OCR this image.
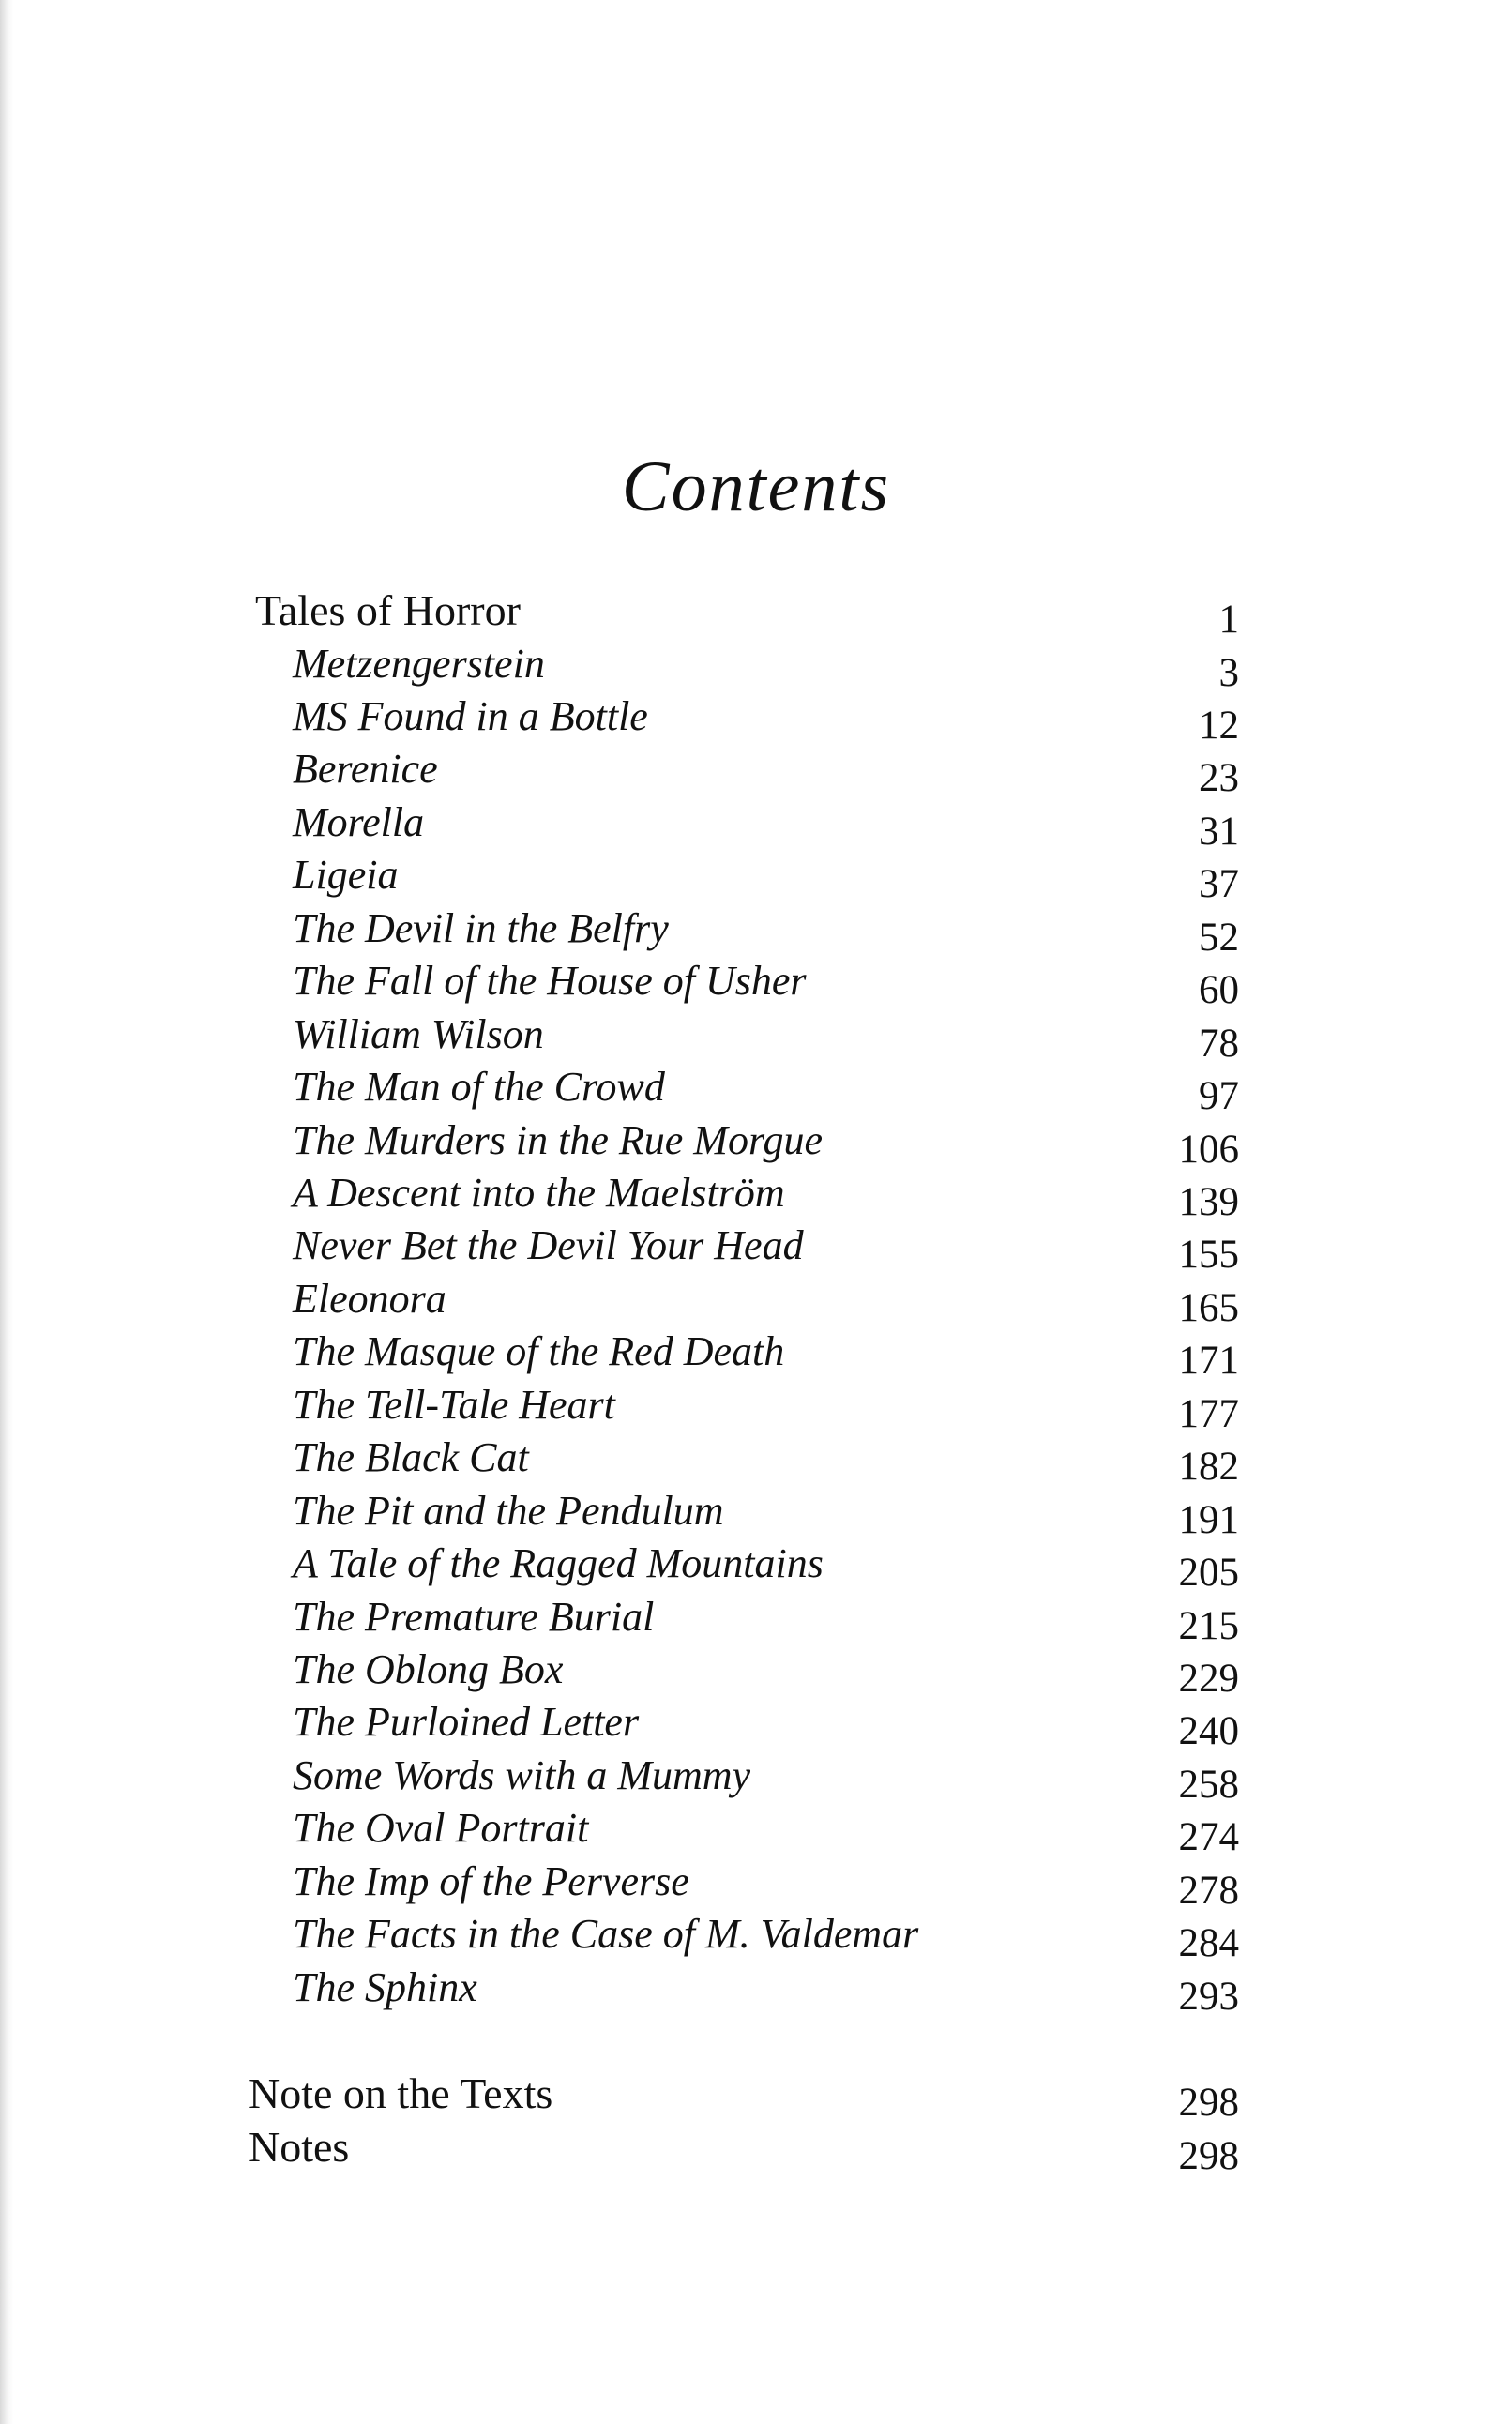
Contents
Tales of Horror	1
Metzengerstein	3
MS Found in a Bottle	12
Berenice	23
Morella	31
Ligeia	37
The Devil in the Belfry	52
The Fall of the House of Usher	60
William Wilson	78
The Man of the Crowd	97
The Murders in the Rue Morgue	106
A Descent into the Maelström	139
Never Bet the Devil Your Head	155
Eleonora	165
The Masque of the Red Death	171
The Tell-Tale Heart	177
The Black Cat	182
The Pit and the Pendulum	191
A Tale of the Ragged Mountains	205
The Premature Burial	215
The Oblong Box	229
The Purloined Letter	240
Some Words with a Mummy	258
The Oval Portrait	274
The Imp of the Perverse	278
The Facts in the Case of M. Valdemar	284
The Sphinx	293
Note on the Texts	298
Notes	298
